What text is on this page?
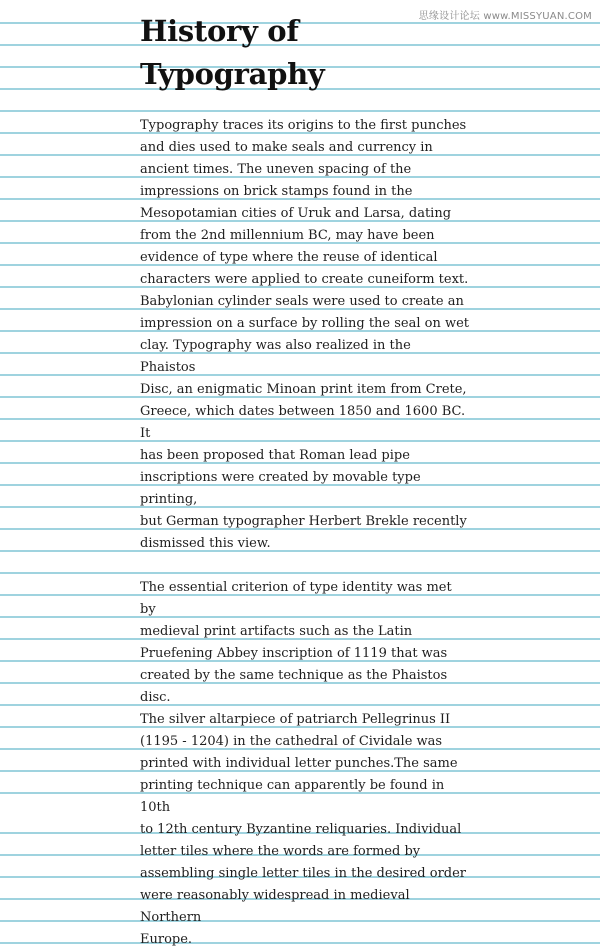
思缘设计论坛 www.MISSYUAN.COM
History of
Typography

Typography traces its origins to the first punches
and dies used to make seals and currency in
ancient times. The uneven spacing of the
impressions on brick stamps found in the
Mesopotamian cities of Uruk and Larsa, dating
from the 2nd millennium BC, may have been
evidence of type where the reuse of identical
characters were applied to create cuneiform text.
Babylonian cylinder seals were used to create an
impression on a surface by rolling the seal on wet
clay. Typography was also realized in the Phaistos
Disc, an enigmatic Minoan print item from Crete,
Greece, which dates between 1850 and 1600 BC. It
has been proposed that Roman lead pipe
inscriptions were created by movable type printing,
but German typographer Herbert Brekle recently
dismissed this view.

The essential criterion of type identity was met by
medieval print artifacts such as the Latin
Pruefening Abbey inscription of 1119 that was
created by the same technique as the Phaistos disc.
The silver altarpiece of patriarch Pellegrinus II
(1195 - 1204) in the cathedral of Cividale was
printed with individual letter punches.The same
printing technique can apparently be found in 10th
to 12th century Byzantine reliquaries. Individual
letter tiles where the words are formed by
assembling single letter tiles in the desired order
were reasonably widespread in medieval Northern
Europe.
